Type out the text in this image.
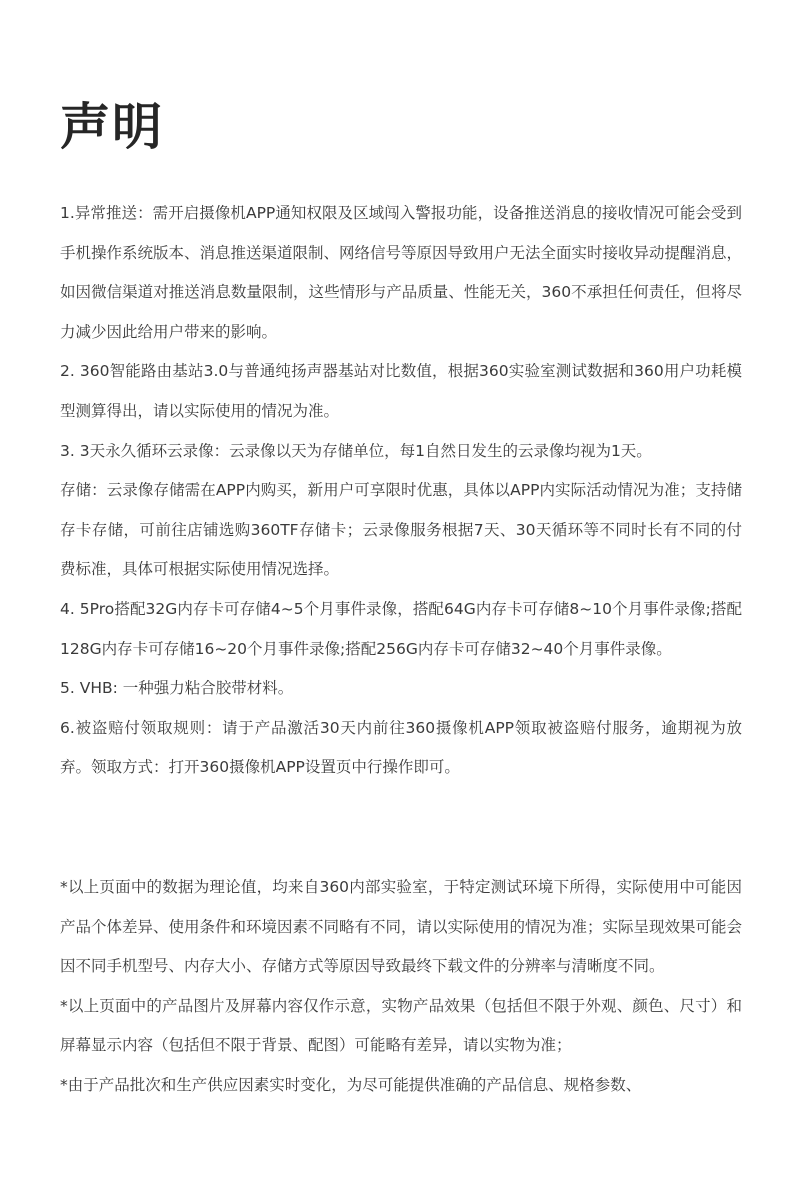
声明

1.异常推送：需开启摄像机APP通知权限及区域闯入警报功能，设备推送消息的接收情况可能会受到手机操作系统版本、消息推送渠道限制、网络信号等原因导致用户无法全面实时接收异动提醒消息，如因微信渠道对推送消息数量限制，这些情形与产品质量、性能无关，360不承担任何责任，但将尽力减少因此给用户带来的影响。

2. 360智能路由基站3.0与普通纯扬声器基站对比数值，根据360实验室测试数据和360用户功耗模型测算得出，请以实际使用的情况为准。

3. 3天永久循环云录像：云录像以天为存储单位，每1自然日发生的云录像均视为1天。

存储：云录像存储需在APP内购买，新用户可享限时优惠，具体以APP内实际活动情况为准；支持储存卡存储，可前往店铺选购360TF存储卡；云录像服务根据7天、30天循环等不同时长有不同的付费标准，具体可根据实际使用情况选择。

4. 5Pro搭配32G内存卡可存储4~5个月事件录像，搭配64G内存卡可存储8~10个月事件录像;搭配128G内存卡可存储16~20个月事件录像;搭配256G内存卡可存储32~40个月事件录像。

5. VHB: 一种强力粘合胶带材料。

6.被盗赔付领取规则：请于产品激活30天内前往360摄像机APP领取被盗赔付服务，逾期视为放弃。领取方式：打开360摄像机APP设置页中行操作即可。

*以上页面中的数据为理论值，均来自360内部实验室，于特定测试环境下所得，实际使用中可能因产品个体差异、使用条件和环境因素不同略有不同，请以实际使用的情况为准；实际呈现效果可能会因不同手机型号、内存大小、存储方式等原因导致最终下载文件的分辨率与清晰度不同。

*以上页面中的产品图片及屏幕内容仅作示意，实物产品效果（包括但不限于外观、颜色、尺寸）和屏幕显示内容（包括但不限于背景、配图）可能略有差异，请以实物为准；

*由于产品批次和生产供应因素实时变化，为尽可能提供准确的产品信息、规格参数、
